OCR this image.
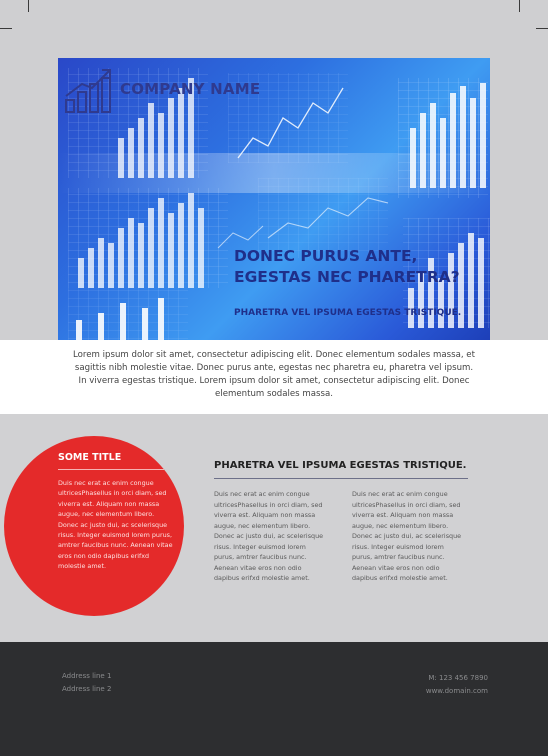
COMPANY NAME
DONEC PURUS ANTE,
EGESTAS NEC PHARETRA?
PHARETRA VEL IPSUMA EGESTAS TRISTIQUE.

Lorem ipsum dolor sit amet, consectetur adipiscing elit. Donec elementum sodales massa, et sagittis nibh molestie vitae. Donec purus ante, egestas nec pharetra eu, pharetra vel ipsum. In viverra egestas tristique. Lorem ipsum dolor sit amet, consectetur adipiscing elit. Donec elementum sodales massa.

SOME TITLE
Duis nec erat ac enim congue ultricesPhasellus in orci diam, sed viverra est. Aliquam non massa augue, nec elementum libero. Donec ac justo dui, ac scelerisque risus. Integer euismod lorem purus, amtrer faucibus nunc. Aenean vitae eros non odio dapibus erifxd molestie amet.
PHARETRA VEL IPSUMA EGESTAS TRISTIQUE.
Duis nec erat ac enim congue ultricesPhasellus in orci diam, sed viverra est. Aliquam non massa augue, nec elementum libero. Donec ac justo dui, ac scelerisque risus. Integer euismod lorem purus, amtrer faucibus nunc. Aenean vitae eros non odio dapibus erifxd molestie amet.
Duis nec erat ac enim congue ultricesPhasellus in orci diam, sed viverra est. Aliquam non massa augue, nec elementum libero. Donec ac justo dui, ac scelerisque risus. Integer euismod lorem purus, amtrer faucibus nunc. Aenean vitae eros non odio dapibus erifxd molestie amet.
Address line 1
Address line 2
M: 123 456 7890
www.domain.com
